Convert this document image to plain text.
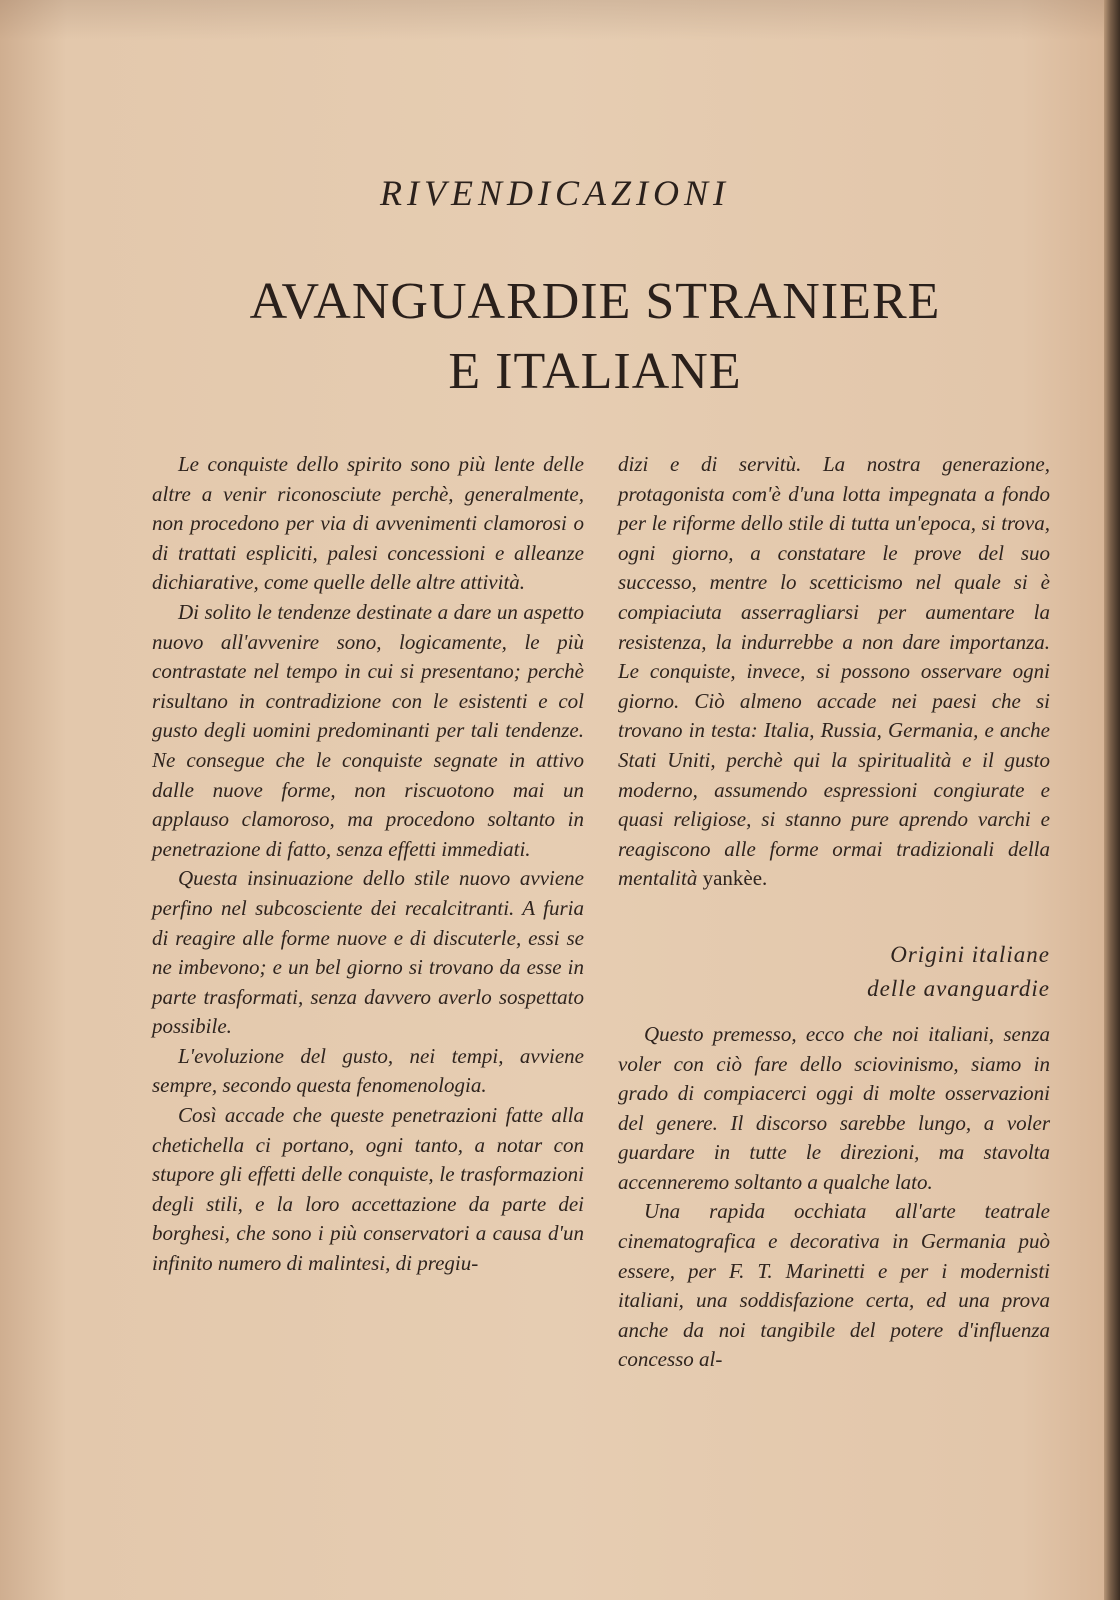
RIVENDICAZIONI
AVANGUARDIE STRANIERE
E ITALIANE

Le conquiste dello spirito sono più lente delle altre a venir riconosciute perchè, generalmente, non procedono per via di avvenimenti clamorosi o di trattati espliciti, palesi concessioni e alleanze dichiarative, come quelle delle altre attività.

Di solito le tendenze destinate a dare un aspetto nuovo all'avvenire sono, logicamente, le più contrastate nel tempo in cui si presentano; perchè risultano in contradizione con le esistenti e col gusto degli uomini predominanti per tali tendenze. Ne consegue che le conquiste segnate in attivo dalle nuove forme, non riscuotono mai un applauso clamoroso, ma procedono soltanto in penetrazione di fatto, senza effetti immediati.

Questa insinuazione dello stile nuovo avviene perfino nel subcosciente dei recalcitranti. A furia di reagire alle forme nuove e di discuterle, essi se ne imbevono; e un bel giorno si trovano da esse in parte trasformati, senza davvero averlo sospettato possibile.

L'evoluzione del gusto, nei tempi, avviene sempre, secondo questa fenomenologia.

Così accade che queste penetrazioni fatte alla chetichella ci portano, ogni tanto, a notar con stupore gli effetti delle conquiste, le trasformazioni degli stili, e la loro accettazione da parte dei borghesi, che sono i più conservatori a causa d'un infinito numero di malintesi, di pregiu-

dizi e di servitù. La nostra generazione, protagonista com'è d'una lotta impegnata a fondo per le riforme dello stile di tutta un'epoca, si trova, ogni giorno, a constatare le prove del suo successo, mentre lo scetticismo nel quale si è compiaciuta asserragliarsi per aumentare la resistenza, la indurrebbe a non dare importanza. Le conquiste, invece, si possono osservare ogni giorno. Ciò almeno accade nei paesi che si trovano in testa: Italia, Russia, Germania, e anche Stati Uniti, perchè qui la spiritualità e il gusto moderno, assumendo espressioni congiurate e quasi religiose, si stanno pure aprendo varchi e reagiscono alle forme ormai tradizionali della mentalità yankèe.

Origini italiane
delle avanguardie

Questo premesso, ecco che noi italiani, senza voler con ciò fare dello sciovinismo, siamo in grado di compiacerci oggi di molte osservazioni del genere. Il discorso sarebbe lungo, a voler guardare in tutte le direzioni, ma stavolta accenneremo soltanto a qualche lato.

Una rapida occhiata all'arte teatrale cinematografica e decorativa in Germania può essere, per F. T. Marinetti e per i modernisti italiani, una soddisfazione certa, ed una prova anche da noi tangibile del potere d'influenza concesso al-
